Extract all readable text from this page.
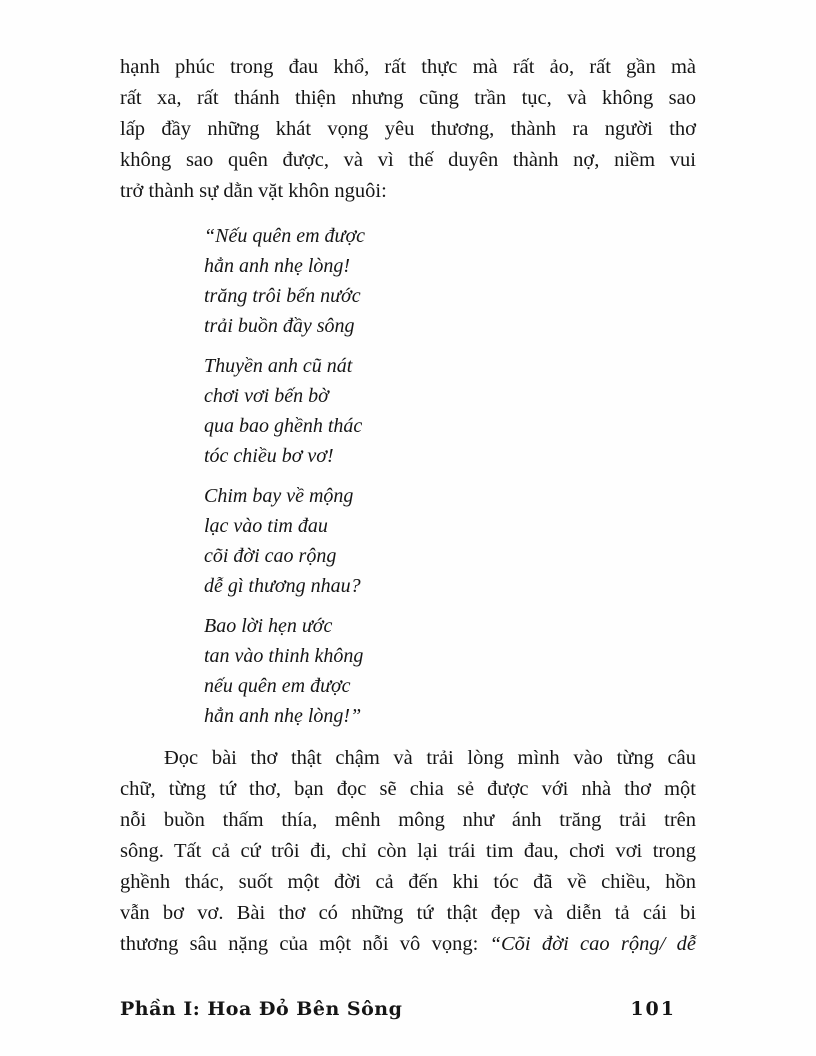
hạnh phúc trong đau khổ, rất thực mà rất ảo, rất gần mà
rất xa, rất thánh thiện nhưng cũng trần tục, và không sao
lấp đầy những khát vọng yêu thương, thành ra người thơ
không sao quên được, và vì thế duyên thành nợ, niềm vui
trở thành sự dằn vặt khôn nguôi:
“Nếu quên em được
hẳn anh nhẹ lòng!
trăng trôi bến nước
trải buồn đầy sông
Thuyền anh cũ nát
chơi vơi bến bờ
qua bao ghềnh thác
tóc chiều bơ vơ!
Chim bay về mộng
lạc vào tim đau
cõi đời cao rộng
dễ gì thương nhau?
Bao lời hẹn ước
tan vào thinh không
nếu quên em được
hẳn anh nhẹ lòng!”
Đọc bài thơ thật chậm và trải lòng mình vào từng câu
chữ, từng tứ thơ, bạn đọc sẽ chia sẻ được với nhà thơ một
nỗi buồn thấm thía, mênh mông như ánh trăng trải trên
sông. Tất cả cứ trôi đi, chỉ còn lại trái tim đau, chơi vơi trong
ghềnh thác, suốt một đời cả đến khi tóc đã về chiều, hồn
vẫn bơ vơ. Bài thơ có những tứ thật đẹp và diễn tả cái bi
thương sâu nặng của một nỗi vô vọng: “Cõi đời cao rộng/ dễ
Phần I: Hoa Đỏ Bên Sông	101
